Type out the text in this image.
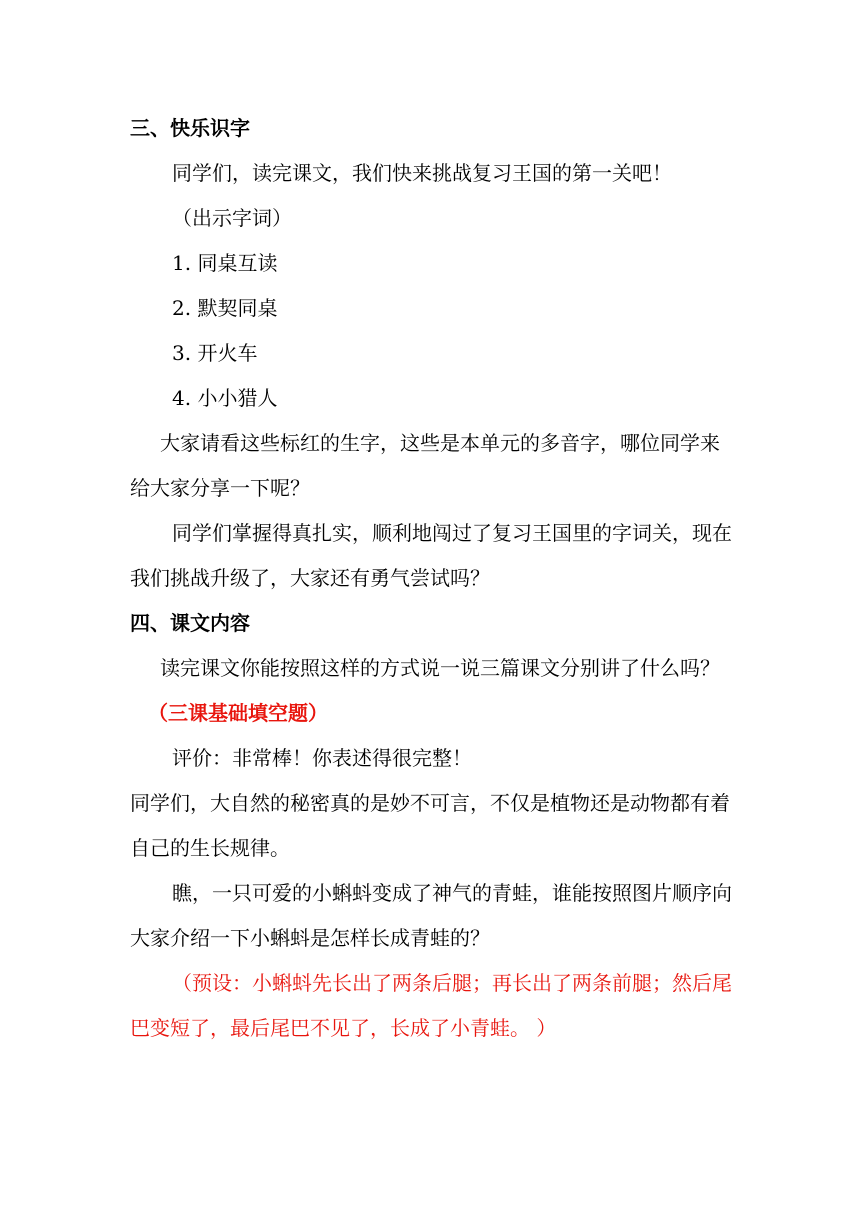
三、快乐识字
同学们，读完课文，我们快来挑战复习王国的第一关吧！
（出示字词）
1. 同桌互读
2. 默契同桌
3. 开火车
4. 小小猎人
大家请看这些标红的生字，这些是本单元的多音字，哪位同学来
给大家分享一下呢？
同学们掌握得真扎实，顺利地闯过了复习王国里的字词关，现在
我们挑战升级了，大家还有勇气尝试吗？
四、课文内容
读完课文你能按照这样的方式说一说三篇课文分别讲了什么吗？
（三课基础填空题）
评价：非常棒！你表述得很完整！
同学们，大自然的秘密真的是妙不可言，不仅是植物还是动物都有着
自己的生长规律。
瞧，一只可爱的小蝌蚪变成了神气的青蛙，谁能按照图片顺序向
大家介绍一下小蝌蚪是怎样长成青蛙的？
（预设：小蝌蚪先长出了两条后腿；再长出了两条前腿；然后尾
巴变短了，最后尾巴不见了，长成了小青蛙。 ）
